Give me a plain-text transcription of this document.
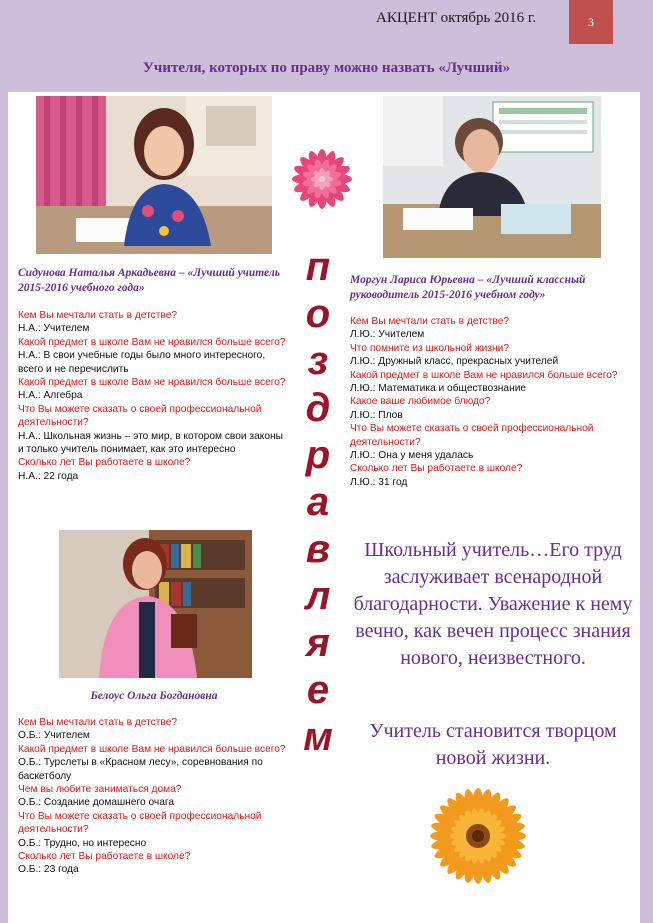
АКЦЕНТ октябрь 2016 г.	3
Учителя, которых по праву можно назвать «Лучший»
Сидунова Наталья Аркадьевна – «Лучший учитель 2015-2016 учебного года»
Моргун Лариса Юрьевна – «Лучший классный руководитель 2015-2016 учебном году»
Белоус Ольга Богдановна
Кем Вы мечтали стать в детстве?
Н.А.: Учителем
Какой предмет в школе Вам не нравился больше всего?
Н.А.: В свои учебные годы было много интересного, всего и не перечислить
Какой предмет в школе Вам не нравился больше всего?
Н.А.: Алгебра
Что Вы можете сказать о своей профессиональной деятельности?
Н.А.: Школьная жизнь – это мир, в котором свои законы и только учитель понимает, как это интересно
Сколько лет Вы работаете в школе?
Н.А.: 22 года
Кем Вы мечтали стать в детстве?
Л.Ю.: Учителем
Что помните из школьной жизни?
Л.Ю.: Дружный класс, прекрасных учителей
Какой предмет в школе Вам не нравился больше всего?
Л.Ю.: Математика и обществознание
Какое ваше любимое блюдо?
Л.Ю.: Плов
Что Вы можете сказать о своей профессиональной деятельности?
Л.Ю.: Она у меня удалась
Сколько лет Вы работаете в школе?
Л.Ю.: 31 год
Кем Вы мечтали стать в детстве?
О.Б.: Учителем
Какой предмет в школе Вам не нравился больше всего?
О.Б.: Турслеты в «Красном лесу», соревнования по баскетболу
Чем вы любите заниматься дома?
О.Б.: Создание домашнего очага
Что Вы можете сказать о своей профессиональной деятельности?
О.Б.: Трудно, но интересно
Сколько лет Вы работаете в школе?
О.Б.: 23 года
п
о
з
д
р
а
в
л
я
е
м
Школьный учитель…Его труд заслуживает всенародной благодарности. Уважение к нему вечно, как вечен процесс знания нового, неизвестного.
Учитель становится творцом новой жизни.
